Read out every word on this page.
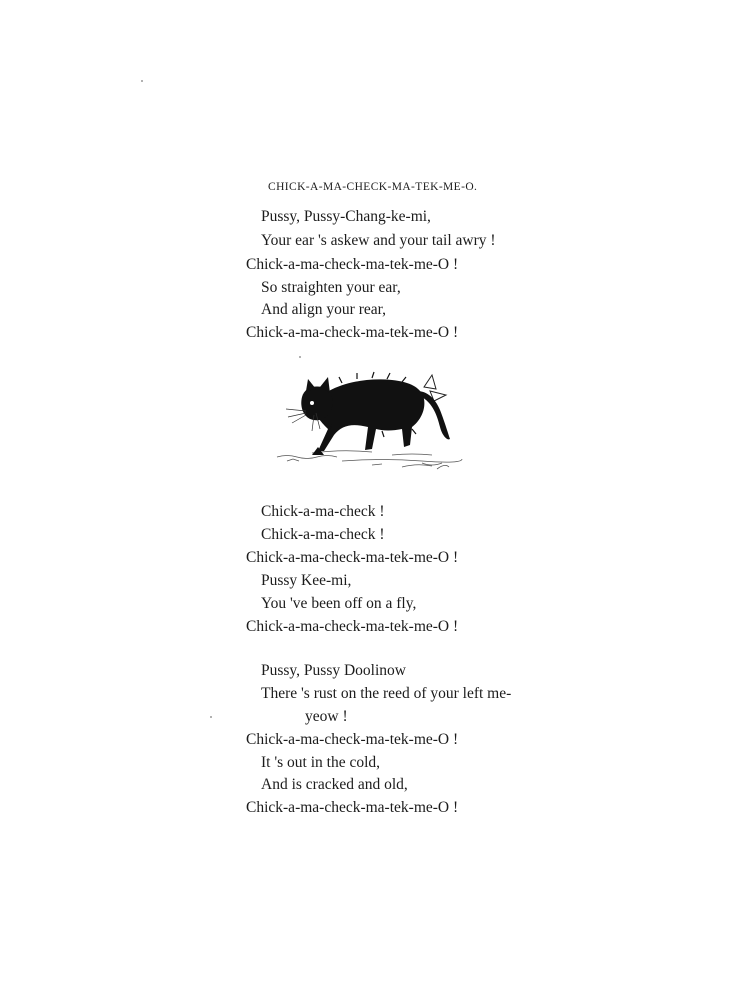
CHICK-A-MA-CHECK-MA-TEK-ME-O.
Pussy, Pussy-Chang-ke-mi,
Your ear 's askew and your tail awry !
Chick-a-ma-check-ma-tek-me-O !
So straighten your ear,
And align your rear,
Chick-a-ma-check-ma-tek-me-O !
Chick-a-ma-check !
Chick-a-ma-check !
Chick-a-ma-check-ma-tek-me-O !
Pussy Kee-mi,
You 've been off on a fly,
Chick-a-ma-check-ma-tek-me-O !
Pussy, Pussy Doolinow
There 's rust on the reed of your left me-
yeow !
Chick-a-ma-check-ma-tek-me-O !
It 's out in the cold,
And is cracked and old,
Chick-a-ma-check-ma-tek-me-O !
